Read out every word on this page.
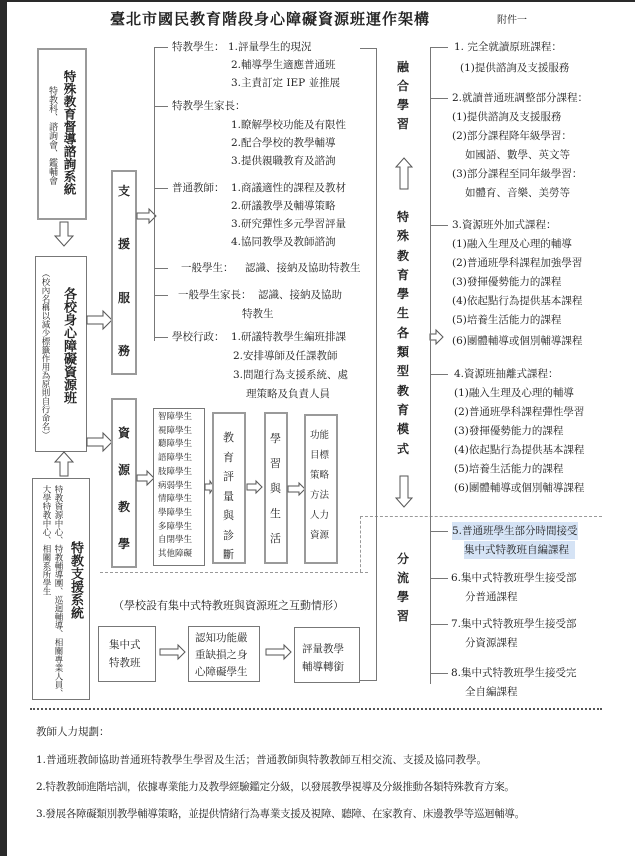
臺北市國民教育階段身心障礙資源班運作架構	附件一
特殊教育督導諮詢系統
特教科、諮詢會、鑑輔會
各校身心障礙資源班
（校內名稱以減少標籤作用為原則自行命名）
特教支援系統
特教資源中心、特教輔導團、巡迴輔導、相關專業人員、
大學特教中心、相關系所學生
支
援
服
務
特教學生： 1.評量學生的現況
2.輔導學生適應普通班
3.主責訂定 IEP 並推展
特教學生家長：
1.瞭解學校功能及有限性
2.配合學校的教學輔導
3.提供親職教育及諮詢
普通教師： 1.商議適性的課程及教材
2.研議教學及輔導策略
3.研究彈性多元學習評量
4.協同教學及教師諮詢
一般學生： 認識、接納及協助特教生
一般學生家長： 認識、接納及協助
特教生
學校行政： 1.研議特教學生編班排課
2.安排導師及任課教師
3.問題行為支援系統、處
理策略及負責人員
資
源
教
學
智障學生
視障學生
聽障學生
語障學生
肢障學生
病弱學生
情障學生
學障學生
多障學生
自閉學生
其他障礙
教
育
評
量
與
診
斷
學
習
與
生
活
功能
目標
策略
方法
人力
資源
（學校設有集中式特教班與資源班之互動情形）
集中式
特教班
認知功能嚴
重缺損之身
心障礙學生
評量教學
輔導轉銜
融
合
學
習
特
殊
教
育
學
生
各
類
型
教
育
模
式
分
流
學
習
1. 完全就讀原班課程：
(1)提供諮詢及支援服務
2.就讀普通班調整部分課程：
(1)提供諮詢及支援服務
(2)部分課程降年級學習：
如國語、數學、英文等
(3)部分課程至同年級學習：
如體育、音樂、美勞等
3.資源班外加式課程：
(1)融入生理及心理的輔導
(2)普通班學科課程加強學習
(3)發揮優勢能力的課程
(4)依起點行為提供基本課程
(5)培養生活能力的課程
(6)團體輔導或個別輔導課程
4.資源班抽離式課程：
(1)融入生理及心理的輔導
(2)普通班學科課程彈性學習
(3)發揮優勢能力的課程
(4)依起點行為提供基本課程
(5)培養生活能力的課程
(6)團體輔導或個別輔導課程
5.普通班學生部分時間接受
集中式特教班自編課程
6.集中式特教班學生接受部
分普通課程
7.集中式特教班學生接受部
分資源課程
8.集中式特教班學生接受完
全自編課程
教師人力規劃：
1.普通班教師協助普通班特教學生學習及生活；普通教師與特教教師互相交流、支援及協同教學。
2.特教教師進階培訓，依據專業能力及教學經驗鑑定分級，以發展教學視導及分級推動各類特殊教育方案。
3.發展各障礙類別教學輔導策略，並提供情緒行為專業支援及視障、聽障、在家教育、床邊教學等巡迴輔導。
